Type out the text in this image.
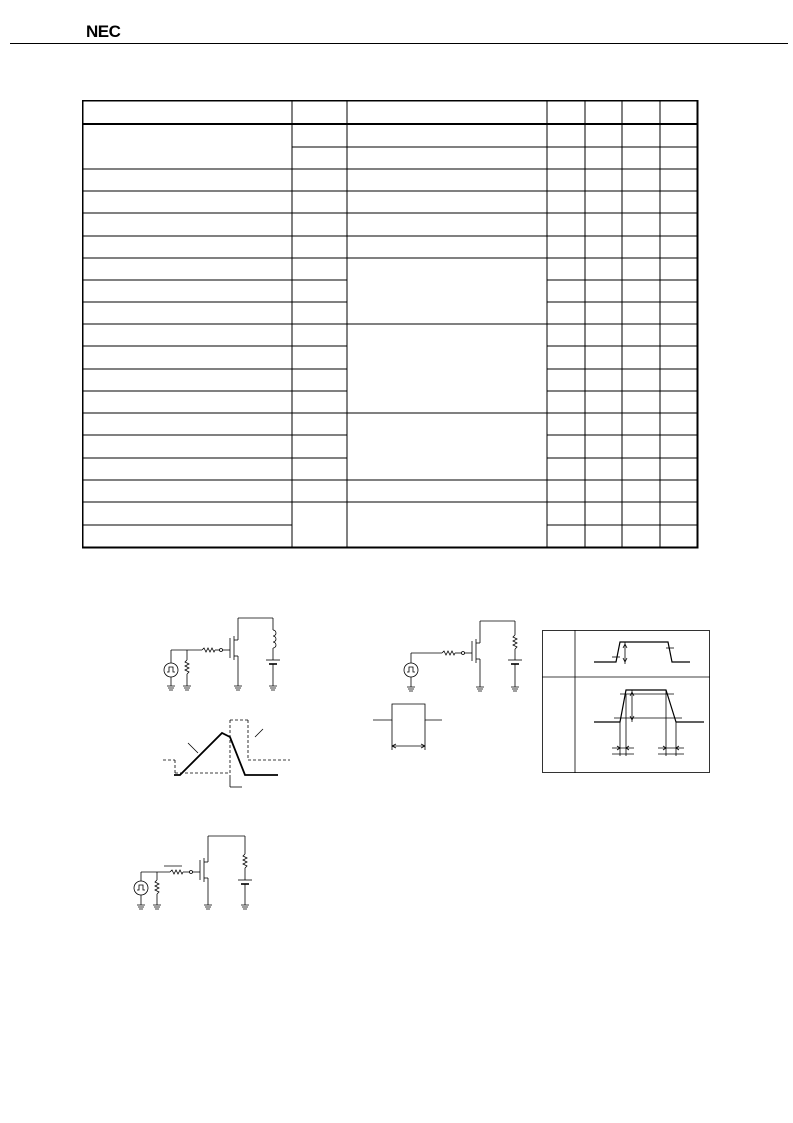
NEC
